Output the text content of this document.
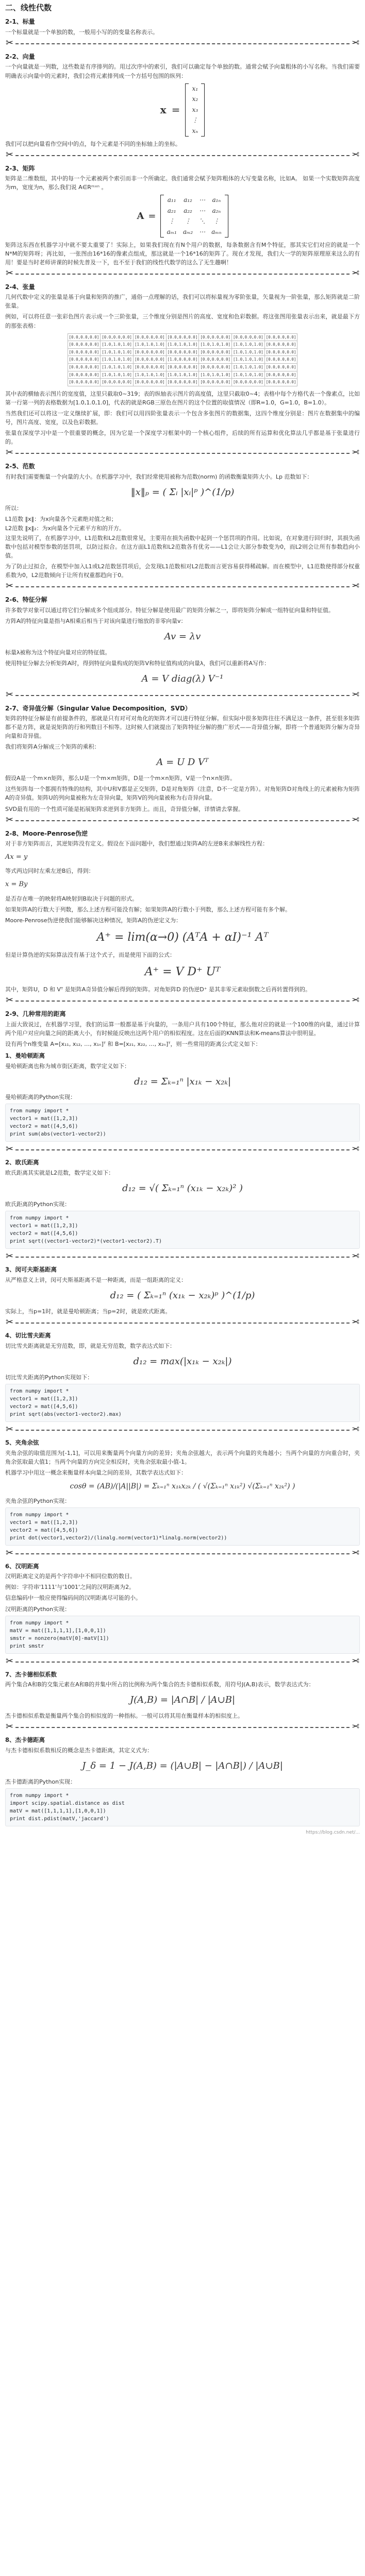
二、线性代数
2-1、标量

一个标量就是一个单独的数，一般用小写的的变量名称表示。

✂	✂
2-2、向量

一个向量就是一列数，这些数是有序排列的。用过次序中的索引，我们可以确定每个单独的数。通常会赋予向量粗体的小写名称。当我们需要明确表示向量中的元素时，我们会将元素排列成一个方括号包围的纵列：

x =
x₁
x₂
x₃
⋮
xₙ

我们可以把向量看作空间中的点，每个元素是不同的坐标轴上的坐标。

✂	✂
2-3、矩阵

矩阵是二维数组，其中的每一个元素被两个索引而非一个所确定。我们通常会赋予矩阵粗体的大写变量名称，比如A。 如果一个实数矩阵高度为m，宽度为n，那么我们说 A∈Rᵐˣⁿ 。

A =
a₁₁	a₁₂	⋯	a₁ₙ
a₂₁	a₂₂	⋯	a₂ₙ
⋮	⋮	⋱	⋮
aₘ₁	aₘ₂	⋯	aₘₙ

矩阵这东西在机器学习中就不要太重要了！实际上，如果我们现在有N个用户的数据，每条数据含有M个特征，那其实它们对应的就是一个N*M的矩阵呀；再比如，一张图由16*16的像素点组成，那这就是一个16*16的矩阵了。现在才发现，我们大一学的矩阵原理原来这么的有用！要是当时老师讲课的时候先普及一下，也不至于我们的线性代数学的这么了无生趣啊！

✂	✂
2-4、张量

几何代数中定义的张量是基于向量和矩阵的推广，通俗一点理解的话，我们可以将标量视为零阶张量，矢量视为一阶张量，那么矩阵就是二阶张量。

例如，可以将任意一张彩色图片表示成一个三阶张量，三个维度分别是图片的高度、宽度和色彩数据。将这张图用张量表示出来，就是最下方的那张表格：

[0.0,0.0,0.0]	[0.0,0.0,0.0]	[0.0,0.0,0.0]	[0.0,0.0,0.0]	[0.0,0.0,0.0]	[0.0,0.0,0.0]	[0.0,0.0,0.0]
[0.0,0.0,0.0]	[1.0,1.0,1.0]	[1.0,1.0,1.0]	[1.0,1.0,1.0]	[1.0,1.0,1.0]	[1.0,1.0,1.0]	[0.0,0.0,0.0]
[0.0,0.0,0.0]	[1.0,1.0,1.0]	[0.0,0.0,0.0]	[0.0,0.0,0.0]	[0.0,0.0,0.0]	[1.0,1.0,1.0]	[0.0,0.0,0.0]
[0.0,0.0,0.0]	[1.0,1.0,1.0]	[0.0,0.0,0.0]	[1.0,0.0,0.0]	[0.0,0.0,0.0]	[1.0,1.0,1.0]	[0.0,0.0,0.0]
[0.0,0.0,0.0]	[1.0,1.0,1.0]	[0.0,0.0,0.0]	[0.0,0.0,0.0]	[0.0,0.0,0.0]	[1.0,1.0,1.0]	[0.0,0.0,0.0]
[0.0,0.0,0.0]	[1.0,1.0,1.0]	[1.0,1.0,1.0]	[1.0,1.0,1.0]	[1.0,1.0,1.0]	[1.0,1.0,1.0]	[0.0,0.0,0.0]
[0.0,0.0,0.0]	[0.0,0.0,0.0]	[0.0,0.0,0.0]	[0.0,0.0,0.0]	[0.0,0.0,0.0]	[0.0,0.0,0.0]	[0.0,0.0,0.0]

其中表的横轴表示图片的宽度值，这里只截取0~319；表的纵轴表示图片的高度值，这里只截取0~4；表格中每个方格代表一个像素点，比如第一行第一列的表格数据为[1.0,1.0,1.0]，代表的就是RGB三原色在图片的这个位置的取值情况（即R=1.0，G=1.0，B=1.0）。

当然我们还可以将这一定义继续扩展，即：我们可以用四阶张量表示一个包含多张图片的数据集，这四个维度分别是：图片在数据集中的编号，图片高度、宽度，以及色彩数据。

张量在深度学习中是一个很重要的概念，因为它是一个深度学习框架中的一个核心组件，后续的所有运算和优化算法几乎都是基于张量进行的。

✂	✂
2-5、范数

有时我们需要衡量一个向量的大小。在机器学习中，我们经常使用被称为范数(norm) 的函数衡量矩阵大小。Lp 范数如下：

‖x‖ₚ = ( Σᵢ |xᵢ|ᵖ )^(1/p)

所以：

L1范数 ‖x‖：为x向量各个元素绝对值之和；

L2范数 ‖x‖₂：为x向量各个元素平方和的开方。

这里先说明了，在机器学习中，L1范数和L2范数很常见，主要用在损失函数中起到一个惩罚项的作用。比如说，在对象进行回归时，其损失函数中包括对模型参数的惩罚项，以防过拟合。在这方面L1范数和L2范数各有优劣——L1会让大部分参数变为0，而L2则会让所有参数趋向小值。

为了防止过拟合，在模型中加入L1或L2范数惩罚项后，会发现L1范数相对L2范数而言更容易获得稀疏解。而在模型中，L1范数使得部分权重系数为0，L2范数倾向于让所有权重都趋向于0。

✂	✂
2-6、特征分解

许多数学对象可以通过将它们分解成多个组成部分。特征分解是使用最广的矩阵分解之一，即将矩阵分解成一组特征向量和特征值。

方阵A的特征向量是指与A相乘后相当于对该向量进行缩放的非零向量v：

Av = λv

标量λ被称为这个特征向量对应的特征值。

使用特征分解去分析矩阵A时，得到特征向量构成的矩阵V和特征值构成的向量λ，我们可以重新将A写作：

A = V diag(λ) V⁻¹
✂	✂
2-7、奇异值分解（Singular Value Decomposition，SVD）

矩阵的特征分解是有前提条件的，那就是只有对可对角化的矩阵才可以进行特征分解。但实际中很多矩阵往往不满足这一条件，甚至很多矩阵都不是方阵，就是说矩阵的行和列数目不相等。这时候人们就提出了矩阵特征分解的推广形式——奇异值分解，即将一个普通矩阵分解为奇异向量和奇异值。

我们将矩阵A分解成三个矩阵的乘积：

A = U D Vᵀ

假设A是一个m×n矩阵，那么U是一个m×m矩阵，D是一个m×n矩阵，V是一个n×n矩阵。

这些矩阵每一个都拥有特殊的结构，其中U和V都是正交矩阵，D是对角矩阵（注意，D不一定是方阵）。对角矩阵D对角线上的元素被称为矩阵A的奇异值。矩阵U的列向量被称为左奇异向量，矩阵V的列向量被称为右奇异向量。

SVD最有用的一个性质可能是拓展矩阵求逆到非方矩阵上。而且，奇异值分解，详情请去掌握。

✂	✂
2-8、Moore-Penrose伪逆

对于非方矩阵而言，其逆矩阵没有定义。假设在下面问题中，我们想通过矩阵A的左逆B来求解线性方程：

Ax = y

等式两边同时左乘左逆B后，得到：

x = By

是否存在唯一的映射将A映射到B取决于问题的形式。

如果矩阵A的行数大于列数，那么上述方程可能没有解；如果矩阵A的行数小于列数，那么上述方程可能有多个解。

Moore-Penrose伪逆使我们能够解决这种情况，矩阵A的伪逆定义为：

A⁺ = lim(α→0) (AᵀA + αI)⁻¹ Aᵀ

但是计算伪逆的实际算法没有基于这个式子，而是使用下面的公式：

A⁺ = V D⁺ Uᵀ

其中，矩阵U，D 和 Vᵀ 是矩阵A奇异值分解后得到的矩阵。对角矩阵D 的伪逆D⁺ 是其非零元素取倒数之后再转置得到的。

✂	✂
2-9、几种常用的距离

上面大致说过，在机器学习里，我们的运算一般都是基于向量的，一条用户具有100个特征，那么他对应的就是一个100维的向量，通过计算两个用户对应向量之间的距离大小，有时候能反映出这两个用户的相似程度。这在后面的KNN算法和K-means算法中很明显。

设有两个n维变量 A=[x₁₁, x₁₂, …, x₁ₙ]ᵀ 和 B=[x₂₁, x₂₂, …, x₂ₙ]ᵀ，则一些常用的距离公式定义如下：

1、曼哈顿距离

曼哈顿距离也称为城市街区距离，数学定义如下：

d₁₂ = Σₖ₌₁ⁿ |x₁ₖ − x₂ₖ|

曼哈顿距离的Python实现：

from numpy import *
vector1 = mat([1,2,3])
vector2 = mat([4,5,6])
print sum(abs(vector1-vector2))
✂	✂
2、欧氏距离

欧氏距离其实就是L2范数，数学定义如下：

d₁₂ = √( Σₖ₌₁ⁿ (x₁ₖ − x₂ₖ)² )

欧氏距离的Python实现：

from numpy import *
vector1 = mat([1,2,3])
vector2 = mat([4,5,6])
print sqrt((vector1-vector2)*(vector1-vector2).T)
✂	✂
3、闵可夫斯基距离

从严格意义上讲，闵可夫斯基距离不是一种距离，而是一组距离的定义：

d₁₂ = ( Σₖ₌₁ⁿ (x₁ₖ − x₂ₖ)ᵖ )^(1/p)

实际上，当p=1时，就是曼哈顿距离；当p=2时，就是欧式距离。

✂	✂
4、切比雪夫距离

切比雪夫距离就是无穷范数，即，就是无穷范数，数学表达式如下：

d₁₂ = max(|x₁ₖ − x₂ₖ|)

切比雪夫距离的Python实现如下：

from numpy import *
vector1 = mat([1,2,3])
vector2 = mat([4,5,6])
print sqrt(abs(vector1-vector2).max)
✂	✂
5、夹角余弦

夹角余弦的取值范围为[-1,1]，可以用来衡量两个向量方向的差异；夹角余弦越大，表示两个向量的夹角越小；当两个向量的方向重合时，夹角余弦取最大值1；当两个向量的方向完全相反时，夹角余弦取最小值-1。

机器学习中用这一概念来衡量样本向量之间的差异，其数学表达式如下：

cosθ = (AB)/(|A||B|) = Σₖ₌₁ⁿ x₁ₖx₂ₖ / ( √(Σₖ₌₁ⁿ x₁ₖ²) √(Σₖ₌₁ⁿ x₂ₖ²) )

夹角余弦的Python实现：

from numpy import *
vector1 = mat([1,2,3])
vector2 = mat([4,5,6])
print dot(vector1,vector2)/(linalg.norm(vector1)*linalg.norm(vector2))
✂	✂
6、汉明距离

汉明距离定义的是两个字符串中不相同位数的数目。

例如：字符串'1111'与'1001'之间的汉明距离为2。

信息编码中一般应使得编码间的汉明距离尽可能的小。

汉明距离的Python实现：

from numpy import *
matV = mat([1,1,1,1],[1,0,0,1])
smstr = nonzero(matV[0]-matV[1])
print smstr
✂	✂
7、杰卡德相似系数

两个集合A和B的交集元素在A和B的并集中所占的比例称为两个集合的杰卡德相似系数，用符号J(A,B)表示，数学表达式为：

J(A,B) = |A∩B| / |A∪B|

杰卡德相似系数是衡量两个集合的相似度的一种指标。一般可以将其用在衡量样本的相似度上。

✂	✂
8、杰卡德距离

与杰卡德相似系数相反的概念是杰卡德距离，其定义式为：

J_δ = 1 − J(A,B) = (|A∪B| − |A∩B|) / |A∪B|

杰卡德距离的Python实现：

from numpy import *
import scipy.spatial.distance as dist
matV = mat([1,1,1,1],[1,0,0,1])
print dist.pdist(matV,'jaccard')
https://blog.csdn.net/...
